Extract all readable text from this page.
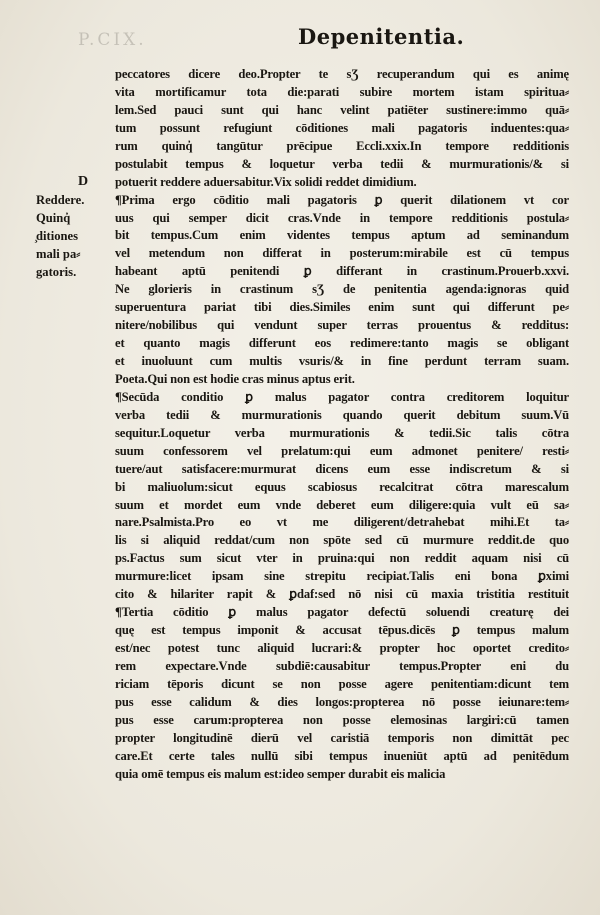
P.CIX.	Depenitentia.
D
Reddere.
Quinq̓
̧ditiones
mali pa⸗
gatoris.
peccatores dicere deo.Propter te sƷ recuperandum qui es animę
vita mortificamur tota die:parati subire mortem istam spiritua⸗
lem.Sed pauci sunt qui hanc velint patiēter sustinere:immo quā⸗
tum possunt refugiunt cōditiones mali pagatoris induentes:qua⸗
rum quinq̓ tangūtur prēcipue Eccli.xxix.In tempore redditionis
postulabit tempus & loquetur verba tedii & murmurationis/& si
potuerit reddere aduersabitur.Vix solidi reddet dimidium.
¶Prima ergo cōditio mali pagatoris ꝑ querit dilationem vt cor
uus qui semper dicit cras.Vnde in tempore redditionis postula⸗
bit tempus.Cum enim videntes tempus aptum ad seminandum
vel metendum non differat in posterum:mirabile est cū tempus
habeant aptū penitendi ꝑ differant in crastinum.Prouerb.xxvi.
Ne glorieris in crastinum sƷ de penitentia agenda:ignoras quid
superuentura pariat tibi dies.Similes enim sunt qui differunt pe⸗
nitere/nobilibus qui vendunt super terras prouentus & redditus:
et quanto magis differunt eos redimere:tanto magis se obligant
et inuoluunt cum multis vsuris/& in fine perdunt terram suam.
Poeta.Qui non est hodie cras minus aptus erit.
¶Secūda conditio ꝑ malus pagator contra creditorem loquitur
verba tedii & murmurationis quando querit debitum suum.Vū
sequitur.Loquetur verba murmurationis & tedii.Sic talis cōtra
suum confessorem vel prelatum:qui eum admonet penitere/ resti⸗
tuere/aut satisfacere:murmurat dicens eum esse indiscretum & si
bi maliuolum:sicut equus scabiosus recalcitrat cōtra marescalum
suum et mordet eum vnde deberet eum diligere:quia vult eū sa⸗
nare.Psalmista.Pro eo vt me diligerent/detrahebat mihi.Et ta⸗
lis si aliquid reddat/cum non spōte sed cū murmure reddit.de quo
ps.Factus sum sicut vter in pruina:qui non reddit aquam nisi cū
murmure:licet ipsam sine strepitu recipiat.Talis eni bona ꝑximi
cito & hilariter rapit & ꝑdaf:sed nō nisi cū maxia tristitia restituit
¶Tertia cōditio ꝑ malus pagator defectū soluendi creaturę dei
quę est tempus imponit & accusat tēpus.dicēs ꝑ tempus malum
est/nec potest tunc aliquid lucrari:& propter hoc oportet credito⸗
rem expectare.Vnde subdiē:causabitur tempus.Propter eni du
riciam tēporis dicunt se non posse agere penitentiam:dicunt tem
pus esse calidum & dies longos:propterea nō posse ieiunare:tem⸗
pus esse carum:propterea non posse elemosinas largiri:cū tamen
propter longitudinē dierū vel caristiā temporis non dimittāt pec
care.Et certe tales nullū sibi tempus inueniūt aptū ad penitēdum
quia omē tempus eis malum est:ideo semper durabit eis malicia
